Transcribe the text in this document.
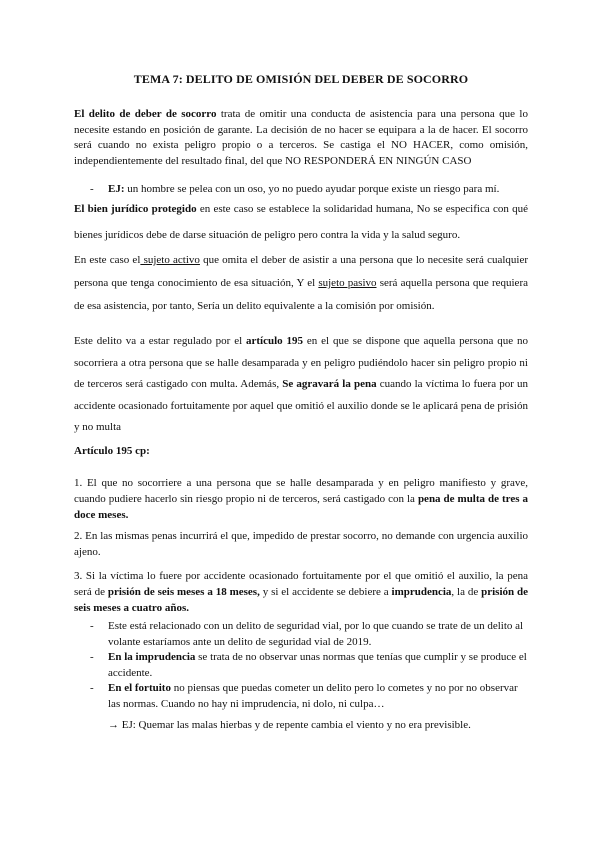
TEMA 7: DELITO DE OMISIÓN DEL DEBER DE SOCORRO
El delito de deber de socorro trata de omitir una conducta de asistencia para una persona que lo necesite estando en posición de garante. La decisión de no hacer se equipara a la de hacer. El socorro será cuando no exista peligro propio o a terceros. Se castiga el NO HACER, como omisión, independientemente del resultado final, del que NO RESPONDERÁ EN NINGÚN CASO
- EJ: un hombre se pelea con un oso, yo no puedo ayudar porque existe un riesgo para mí.
El bien jurídico protegido en este caso se establece la solidaridad humana, No se especifica con qué bienes jurídicos debe de darse situación de peligro pero contra la vida y la salud seguro.
En este caso el sujeto activo que omita el deber de asistir a una persona que lo necesite será cualquier persona que tenga conocimiento de esa situación, Y el sujeto pasivo será aquella persona que requiera de esa asistencia, por tanto, Sería un delito equivalente a la comisión por omisión.
Este delito va a estar regulado por el artículo 195 en el que se dispone que aquella persona que no socorriera a otra persona que se halle desamparada y en peligro pudiéndolo hacer sin peligro propio ni de terceros será castigado con multa. Además, Se agravará la pena cuando la víctima lo fuera por un accidente ocasionado fortuitamente por aquel que omitió el auxilio donde se le aplicará pena de prisión y no multa
Artículo 195 cp:
1. El que no socorriere a una persona que se halle desamparada y en peligro manifiesto y grave, cuando pudiere hacerlo sin riesgo propio ni de terceros, será castigado con la pena de multa de tres a doce meses.
2. En las mismas penas incurrirá el que, impedido de prestar socorro, no demande con urgencia auxilio ajeno.
3. Si la víctima lo fuere por accidente ocasionado fortuitamente por el que omitió el auxilio, la pena será de prisión de seis meses a 18 meses, y si el accidente se debiere a imprudencia, la de prisión de seis meses a cuatro años.
- Este está relacionado con un delito de seguridad vial, por lo que cuando se trate de un delito al volante estaríamos ante un delito de seguridad vial de 2019.
- En la imprudencia se trata de no observar unas normas que tenías que cumplir y se produce el accidente.
- En el fortuito no piensas que puedas cometer un delito pero lo cometes y no por no observar las normas. Cuando no hay ni imprudencia, ni dolo, ni culpa…
→ EJ: Quemar las malas hierbas y de repente cambia el viento y no era previsible.
